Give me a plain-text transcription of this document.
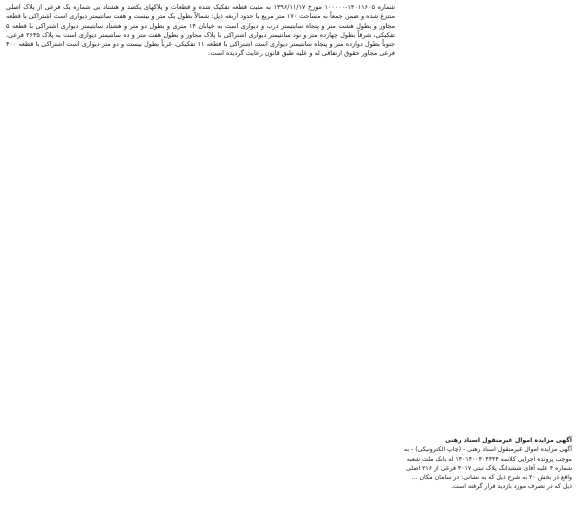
شماره ۱۴۰۱۱۶۰۵-۱۰۰۰۰۰ مورخ ۱۳۹۶/۱۱/۱۷ به مثبت قطعه تفکیک شده و قطعات و پلاکهای یکصد و هشتاد بی شماره یک فرعی از پلاک اصلی منتزع شده و ضمن جمعاً به مساحت ۱۷۰ متر مربع با حدود اربعه ذیل: شمالاً بطول یک متر و بیست و هفت سانتیمتر دیواری است اشتراکی با قطعه مجاور و بطول هشت متر و پنجاه سانتیمتر درب و دیواری است به خیابان ۱۴ متری و بطول دو متر و هشتاد سانتیمتر دیواری اشتراکی با قطعه ۵ تفکیکی، شرقاً بطول چهارده متر و نود سانتیمتر دیواری اشتراکی با پلاک مجاور و بطول هفت متر و ده سانتیمتر دیواری است به پلاک ۲۶۳۵ فرعی، جنوباً بطول دوازده متر و پنجاه سانتیمتر دیواری است اشتراکی با قطعه ۱۱ تفکیکی، غرباً بطول بیست و دو متر دیواری است اشتراکی با قطعه ۴۰۰ فرعی مجاور حقوق ارتفاقی له و علیه طبق قانون رعایت گردیده است.

آگهی مزایده اموال غیرمنقول اسناد رهنی

آگهی مزایده اموال غیرمنقول اسناد رهنی - (چاپ الکترونیکی) - به موجب پرونده اجرایی کلاسه ۱۴۰۱۴۰۰۴۰۴۴۴۴ له بانک ملت شعبه شماره ۴ علیه آقای ششدانگ پلاک ثبتی ۴۰۱۷ فرعی از ۲۱۶ اصلی واقع در بخش ۲۰ به شرح ذیل که به نشانی: در سامان مکان ... ذیل که در تصرف مورد بازدید قرار گرفته است.
